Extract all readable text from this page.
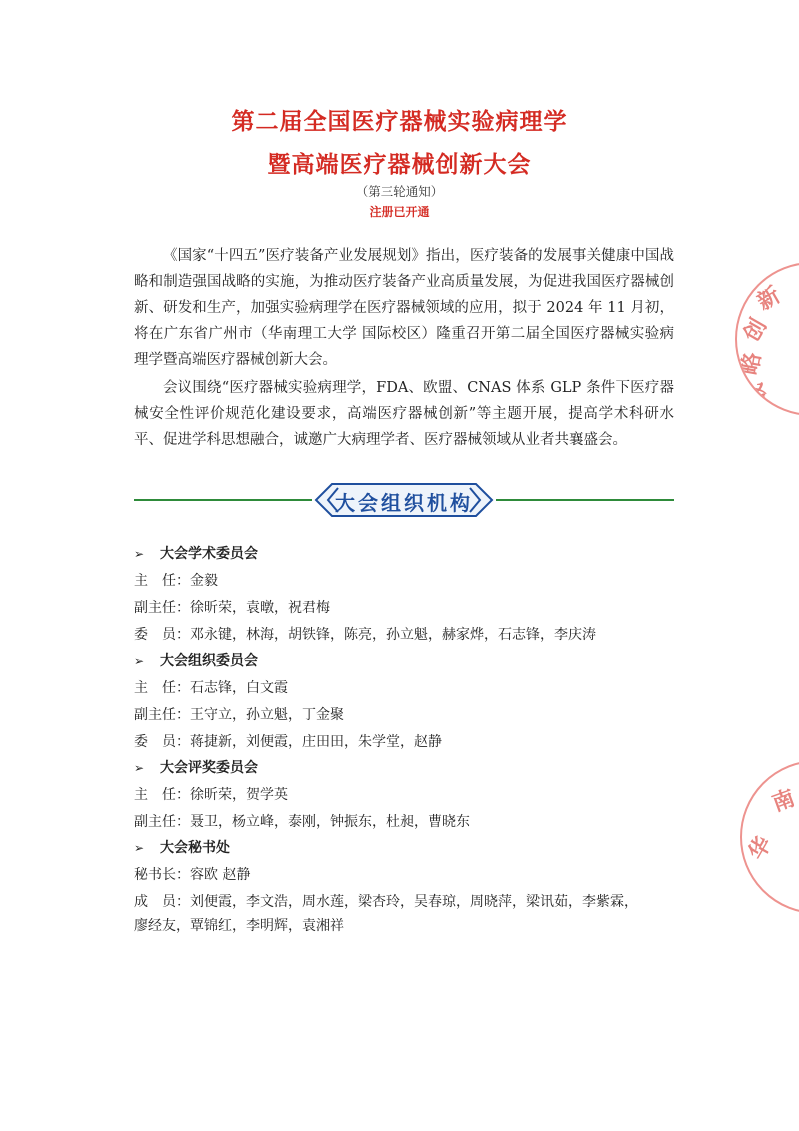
第二届全国医疗器械实验病理学
暨高端医疗器械创新大会
（第三轮通知）
注册已开通

《国家“十四五”医疗装备产业发展规划》指出，医疗装备的发展事关健康中国战略和制造强国战略的实施，为推动医疗装备产业高质量发展，为促进我国医疗器械创新、研发和生产，加强实验病理学在医疗器械领域的应用，拟于 2024 年 11 月初，将在广东省广州市（华南理工大学 国际校区）隆重召开第二届全国医疗器械实验病理学暨高端医疗器械创新大会。

会议围绕“医疗器械实验病理学，FDA、欧盟、CNAS 体系 GLP 条件下医疗器械安全性评价规范化建设要求，高端医疗器械创新”等主题开展，提高学术科研水平、促进学科思想融合，诚邀广大病理学者、医疗器械领域从业者共襄盛会。

大会组织机构
➢ 大会学术委员会
主　任：金毅
副主任：徐昕荣，袁暾，祝君梅
委　员：邓永键，林海，胡铁锋，陈亮，孙立魁，赫家烨，石志锋，李庆涛
➢ 大会组织委员会
主　任：石志锋，白文霞
副主任：王守立，孙立魁，丁金聚
委　员：蒋捷新，刘便霞，庄田田，朱学堂，赵静
➢ 大会评奖委员会
主　任：徐昕荣，贺学英
副主任：聂卫，杨立峰，泰刚，钟振东，杜昶，曹晓东
➢ 大会秘书处
秘书长：容欧 赵静
成　员：刘便霞，李文浩，周水莲，梁杏玲，吴春琼，周晓萍，梁讯茹，李紫霖，
廖经友，覃锦红，李明辉，袁湘祥
新
创
略
战
南
华
